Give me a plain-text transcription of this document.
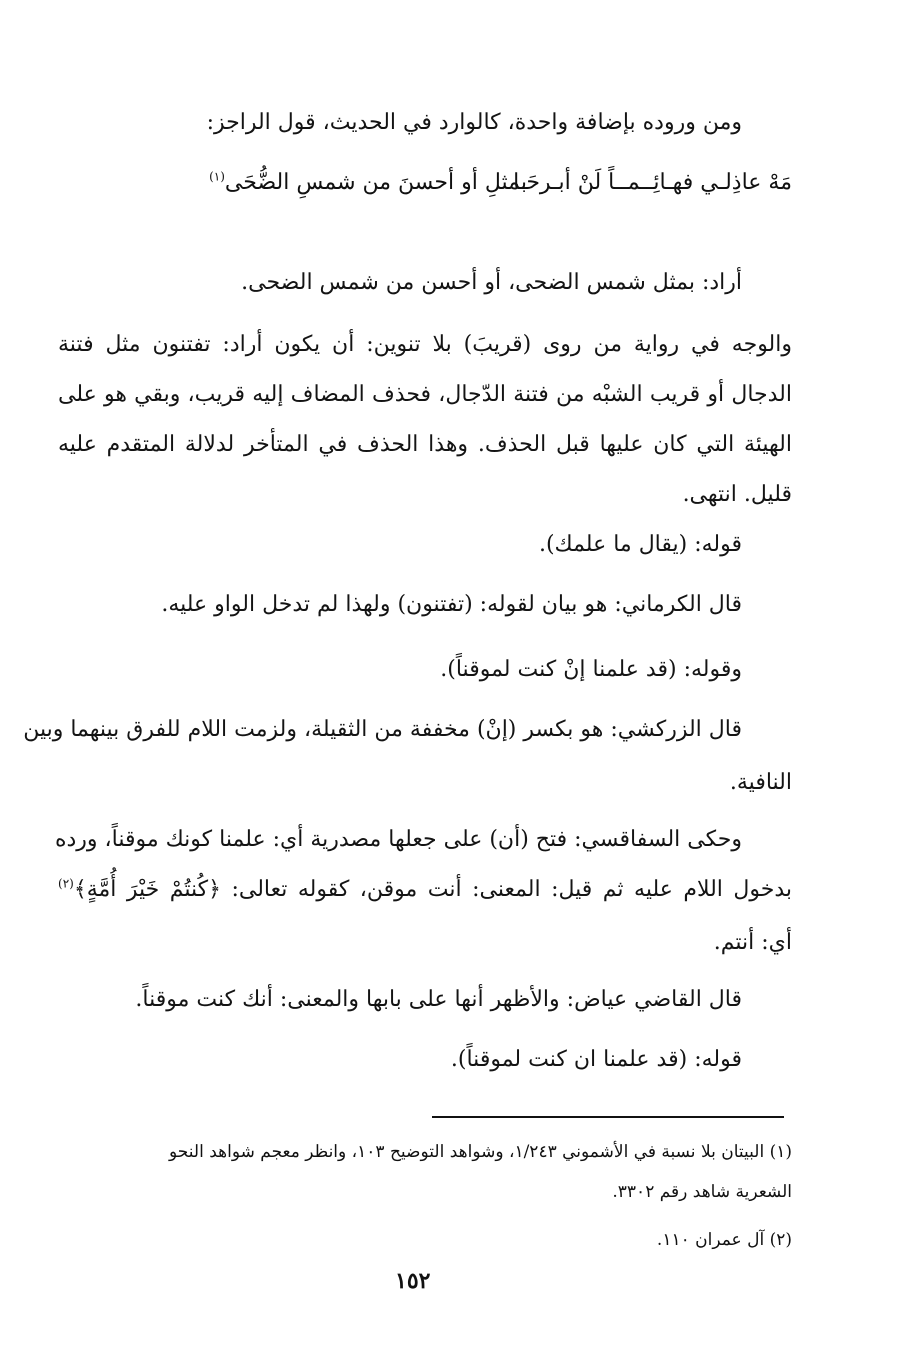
ومن وروده بإضافة واحدة، كالوارد في الحديث، قول الراجز:
مَهْ عاذِلـي فهـائِــمــاً لَنْ أبـرحَـا
بمثلِ أو أحسنَ من شمسِ الضُّحَى$^{(١)}$
أراد: بمثل شمس الضحى، أو أحسن من شمس الضحى.
والوجه في رواية من روى (قريبَ) بلا تنوين: أن يكون أراد: تفتنون مثل فتنة
الدجال أو قريب الشبْه من فتنة الدّجال، فحذف المضاف إليه قريب، وبقي هو على
الهيئة التي كان عليها قبل الحذف. وهذا الحذف في المتأخر لدلالة المتقدم عليه
قليل. انتهى.
قوله: (يقال ما علمك).
قال الكرماني: هو بيان لقوله: (تفتنون) ولهذا لم تدخل الواو عليه.
وقوله: (قد علمنا إنْ كنت لموقناً).
قال الزركشي: هو بكسر (إنْ) مخففة من الثقيلة، ولزمت اللام للفرق بينهما وبين
النافية.
وحكى السفاقسي: فتح (أن) على جعلها مصدرية أي: علمنا كونك موقناً، ورده
بدخول اللام عليه ثم قيل: المعنى: أنت موقن، كقوله تعالى: ﴿كُنتُمْ خَيْرَ أُمَّةٍ﴾$^{(٢)}$
أي: أنتم.
قال القاضي عياض: والأظهر أنها على بابها والمعنى: أنك كنت موقناً.
قوله: (قد علمنا ان كنت لموقناً).
(١) البيتان بلا نسبة في الأشموني ١/٢٤٣، وشواهد التوضيح ١٠٣، وانظر معجم شواهد النحو
الشعرية شاهد رقم ٣٣٠٢.
(٢) آل عمران ١١٠.
١٥٢
